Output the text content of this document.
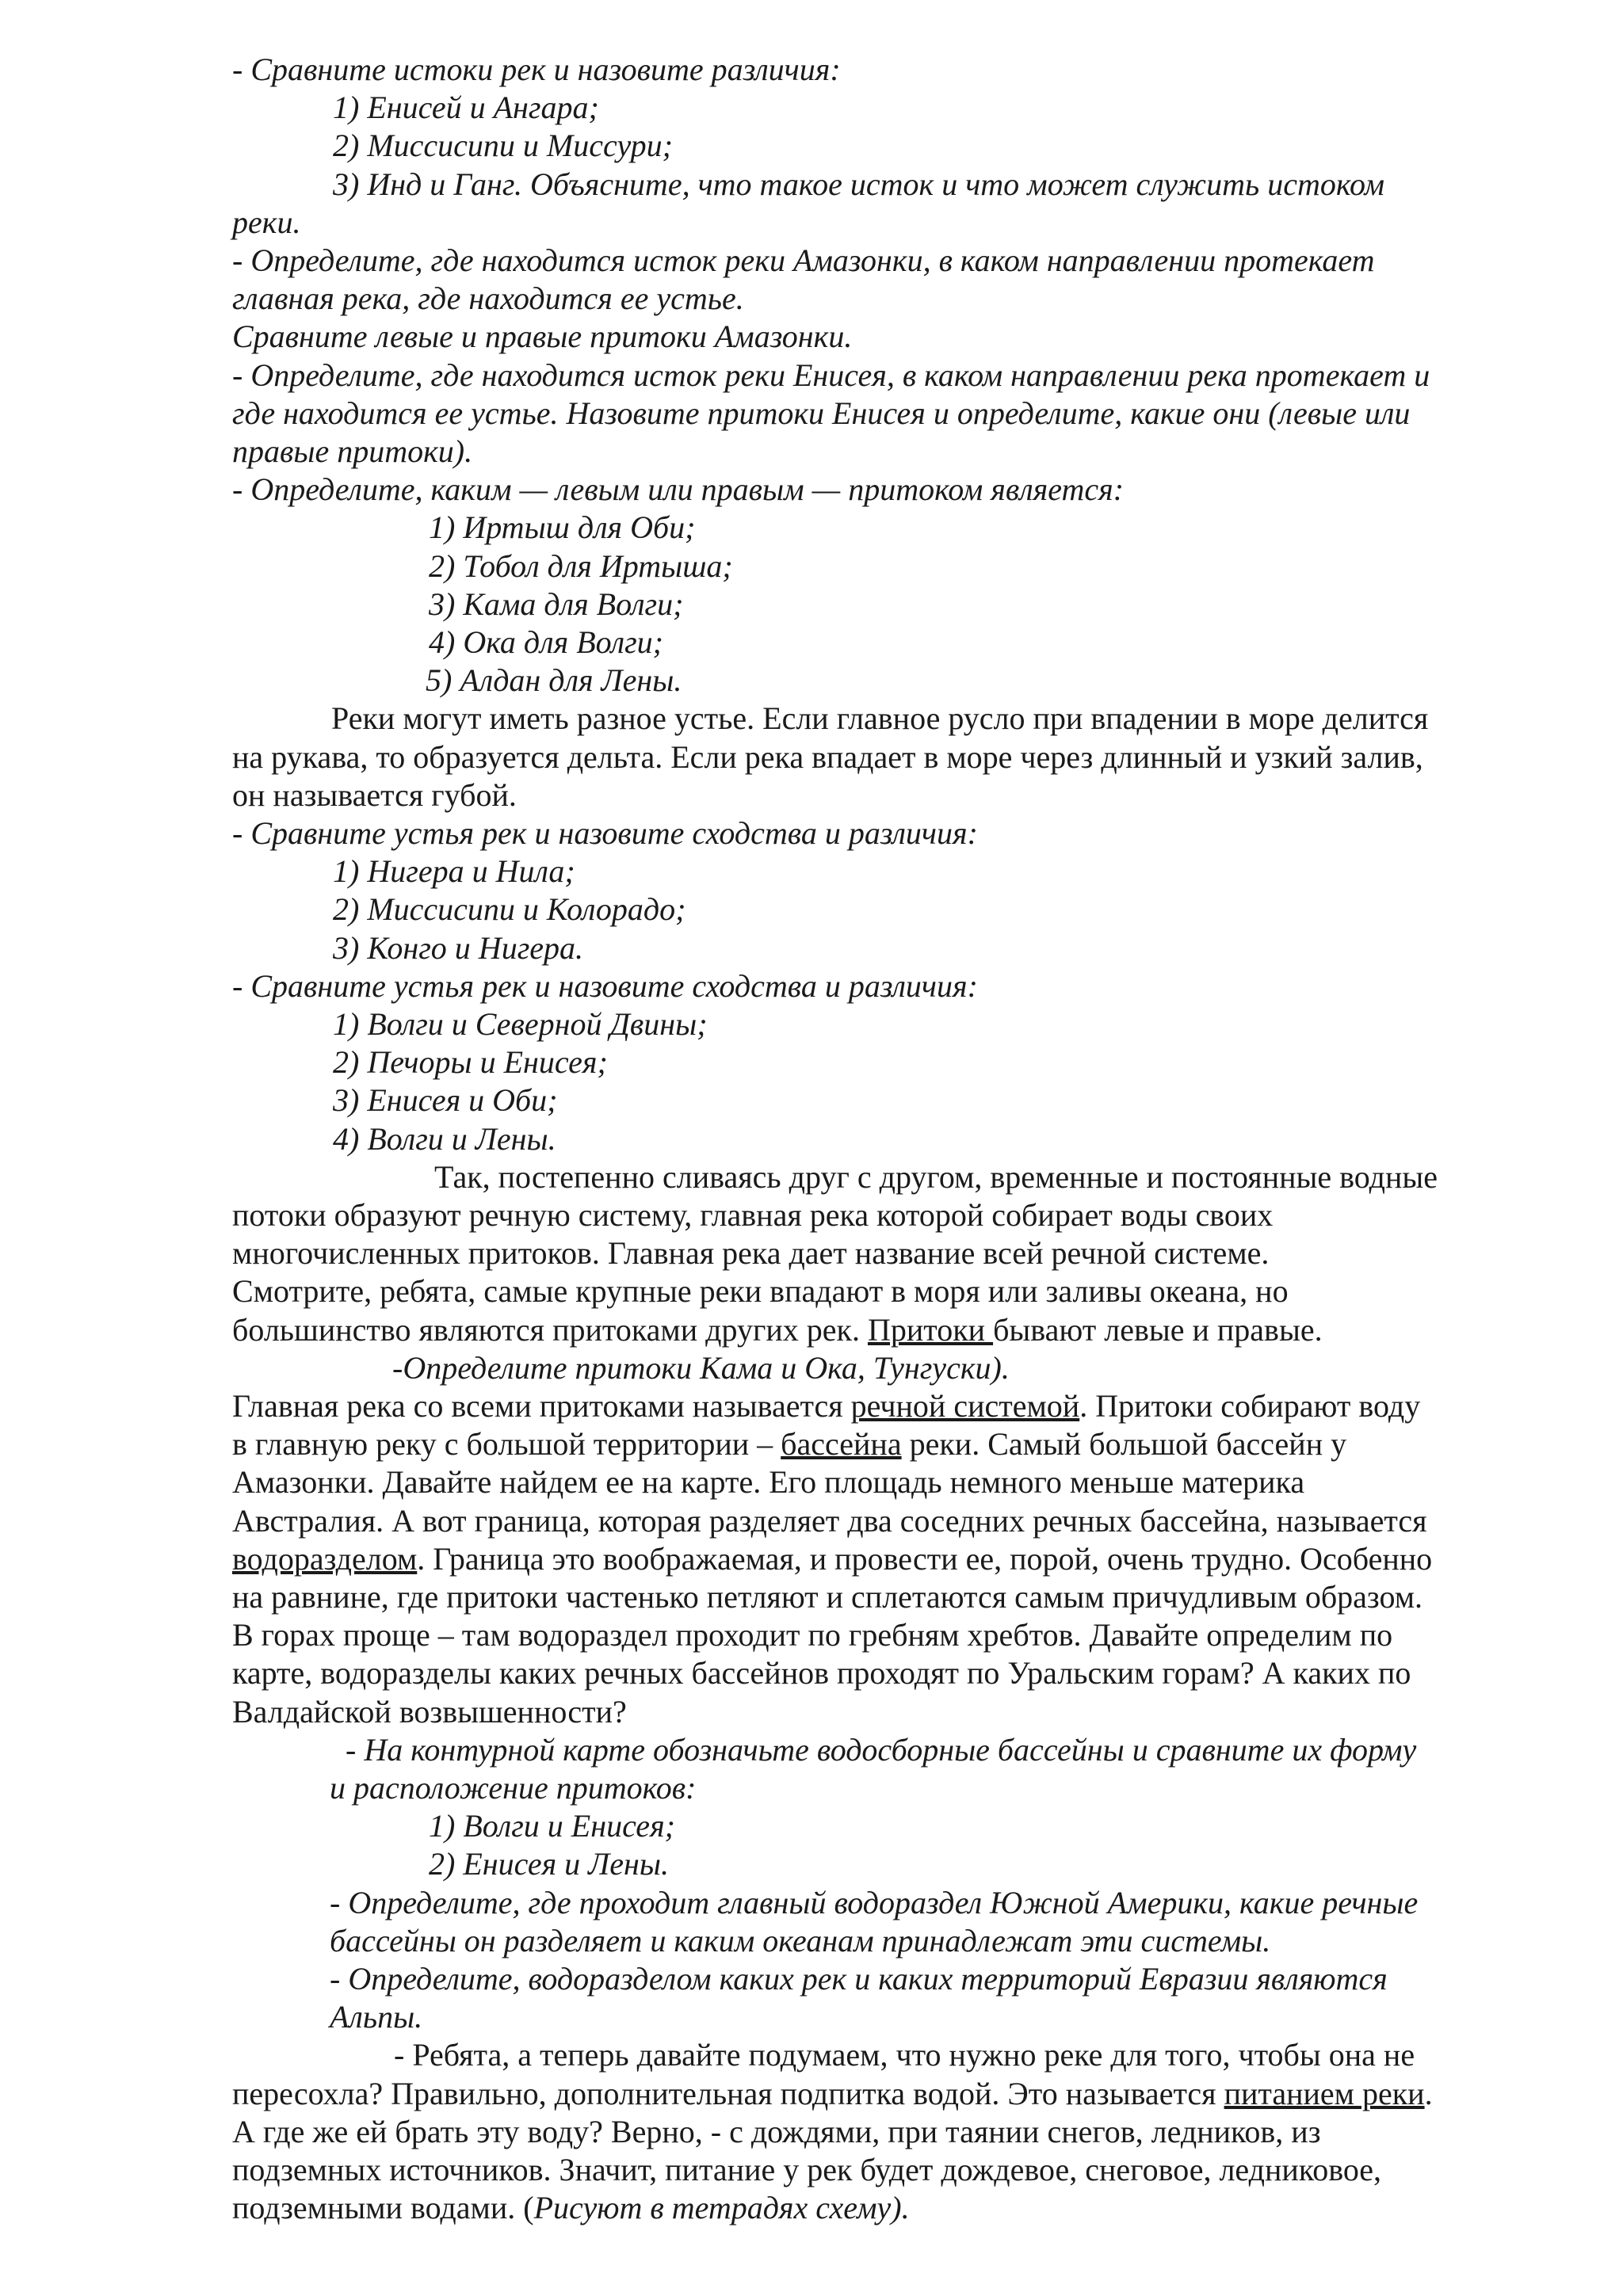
- Сравните истоки рек и назовите различия:
1) Енисей и Ангара;
2) Миссисипи и Миссури;
3) Инд и Ганг. Объясните, что такое исток и что может служить истоком
реки.
- Определите, где находится исток реки Амазонки, в каком направлении протекает
главная река, где находится ее устье.
Сравните левые и правые притоки Амазонки.
- Определите, где находится исток реки Енисея, в каком направлении река протекает и
где находится ее устье. Назовите притоки Енисея и определите, какие они (левые или
правые притоки).
- Определите, каким — левым или правым — притоком является:
1) Иртыш для Оби;
2) Тобол для Иртыша;
3) Кама для Волги;
4) Ока для Волги;
5) Алдан для Лены.
Реки могут иметь разное устье. Если главное русло при впадении в море делится
на рукава, то образуется дельта. Если река впадает в море через длинный и узкий залив,
он называется губой.
- Сравните устья рек и назовите сходства и различия:
1) Нигера и Нила;
2) Миссисипи и Колорадо;
3) Конго и Нигера.
- Сравните устья рек и назовите сходства и различия:
1) Волги и Северной Двины;
2) Печоры и Енисея;
3) Енисея и Оби;
4) Волги и Лены.
Так, постепенно сливаясь друг с другом, временные и постоянные водные
потоки образуют речную систему, главная река которой собирает воды своих
многочисленных притоков. Главная река дает название всей речной системе.
Смотрите, ребята, самые крупные реки впадают в моря или заливы океана, но
большинство являются притоками других рек. Притоки бывают левые и правые.
-Определите притоки Кама и Ока, Тунгуски).
Главная река со всеми притоками называется речной системой. Притоки собирают воду
в главную реку с большой территории – бассейна реки. Самый большой бассейн у
Амазонки. Давайте найдем ее на карте. Его площадь немного меньше материка
Австралия. А вот граница, которая разделяет два соседних речных бассейна, называется
водоразделом. Граница это воображаемая, и провести ее, порой, очень трудно. Особенно
на равнине, где притоки частенько петляют и сплетаются самым причудливым образом.
В горах проще – там водораздел проходит по гребням хребтов. Давайте определим по
карте, водоразделы каких речных бассейнов проходят по Уральским горам? А каких по
Валдайской возвышенности?
- На контурной карте обозначьте водосборные бассейны и сравните их форму
и расположение притоков:
1) Волги и Енисея;
2) Енисея и Лены.
- Определите, где проходит главный водораздел Южной Америки, какие речные
бассейны он разделяет и каким океанам принадлежат эти системы.
- Определите, водоразделом каких рек и каких территорий Евразии являются
Альпы.
- Ребята, а теперь давайте подумаем, что нужно реке для того, чтобы она не
пересохла? Правильно, дополнительная подпитка водой. Это называется питанием реки.
А где же ей брать эту воду? Верно, - с дождями, при таянии снегов, ледников, из
подземных источников. Значит, питание у рек будет дождевое, снеговое, ледниковое,
подземными водами. (Рисуют в тетрадях схему).
